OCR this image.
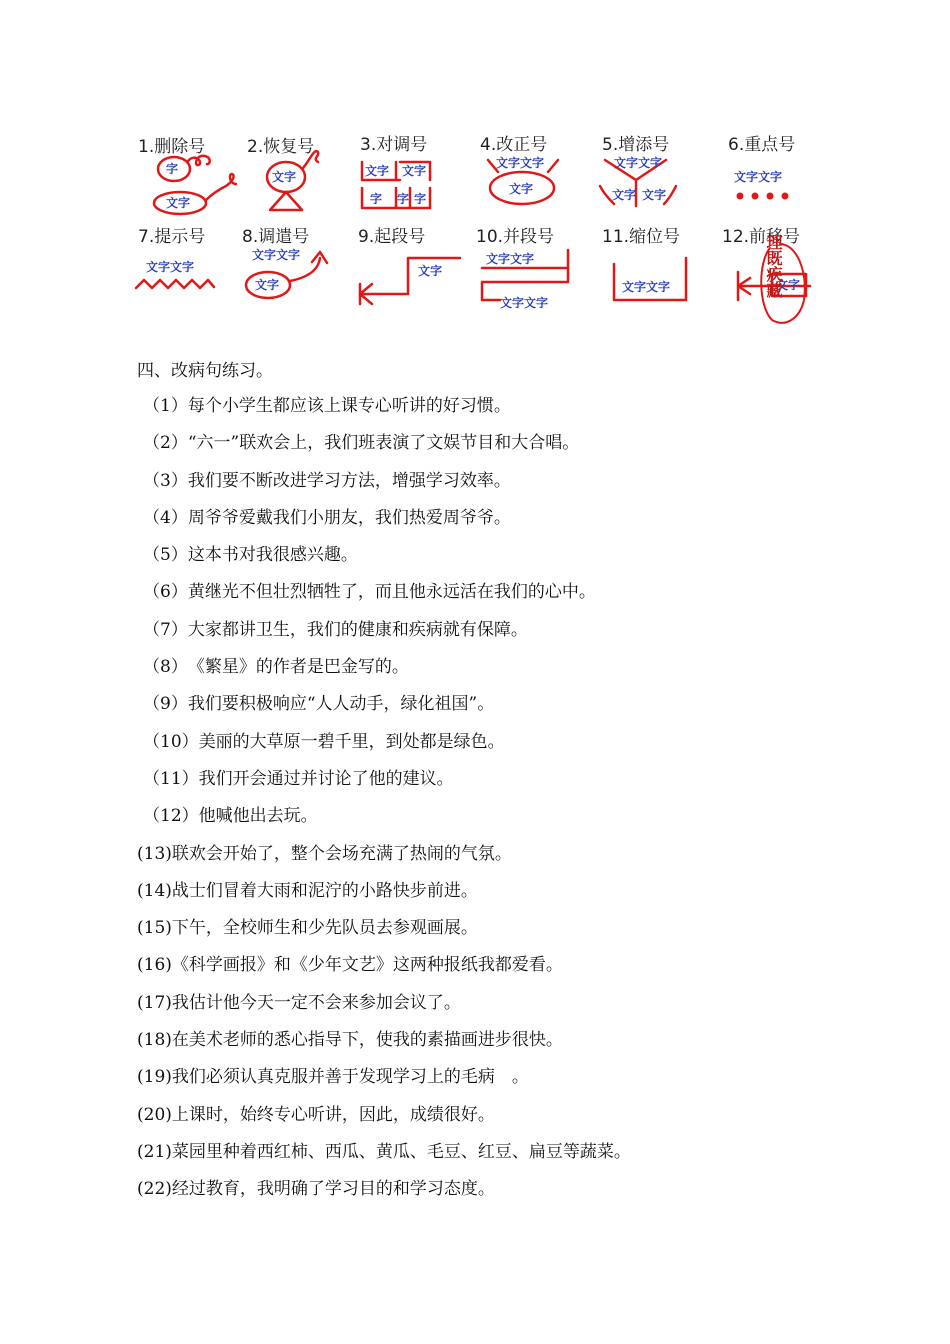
1.删除号 2.恢复号	3.对调号	4.改正号	5.增添号	6.重点号
7.提示号 8.调遣号	9.起段号	10.并段号	11.缩位号 12.前移号
字
文字
文字	文字 文字
字 字 字
文字文字
文字
文字文字
文字 文字
文字文字
文字文字
文字文字
文字
文字
文字文字
文字文字
文字文字	文字
理既疾藏
四、改病句练习。
（1）每个小学生都应该上课专心听讲的好习惯。
（2）“六一”联欢会上，我们班表演了文娱节目和大合唱。
（3）我们要不断改进学习方法，增强学习效率。
（4）周爷爷爱戴我们小朋友，我们热爱周爷爷。
（5）这本书对我很感兴趣。
（6）黄继光不但壮烈牺牲了，而且他永远活在我们的心中。
（7）大家都讲卫生，我们的健康和疾病就有保障。
（8）《繁星》的作者是巴金写的。
（9）我们要积极响应“人人动手，绿化祖国”。
（10）美丽的大草原一碧千里，到处都是绿色。
（11）我们开会通过并讨论了他的建议。
（12）他喊他出去玩。
(13)联欢会开始了，整个会场充满了热闹的气氛。
(14)战士们冒着大雨和泥泞的小路快步前进。
(15)下午，全校师生和少先队员去参观画展。
(16)《科学画报》和《少年文艺》这两种报纸我都爱看。
(17)我估计他今天一定不会来参加会议了。
(18)在美术老师的悉心指导下，使我的素描画进步很快。
(19)我们必须认真克服并善于发现学习上的毛病　。
(20)上课时，始终专心听讲，因此，成绩很好。
(21)菜园里种着西红柿、西瓜、黄瓜、毛豆、红豆、扁豆等蔬菜。
(22)经过教育，我明确了学习目的和学习态度。
